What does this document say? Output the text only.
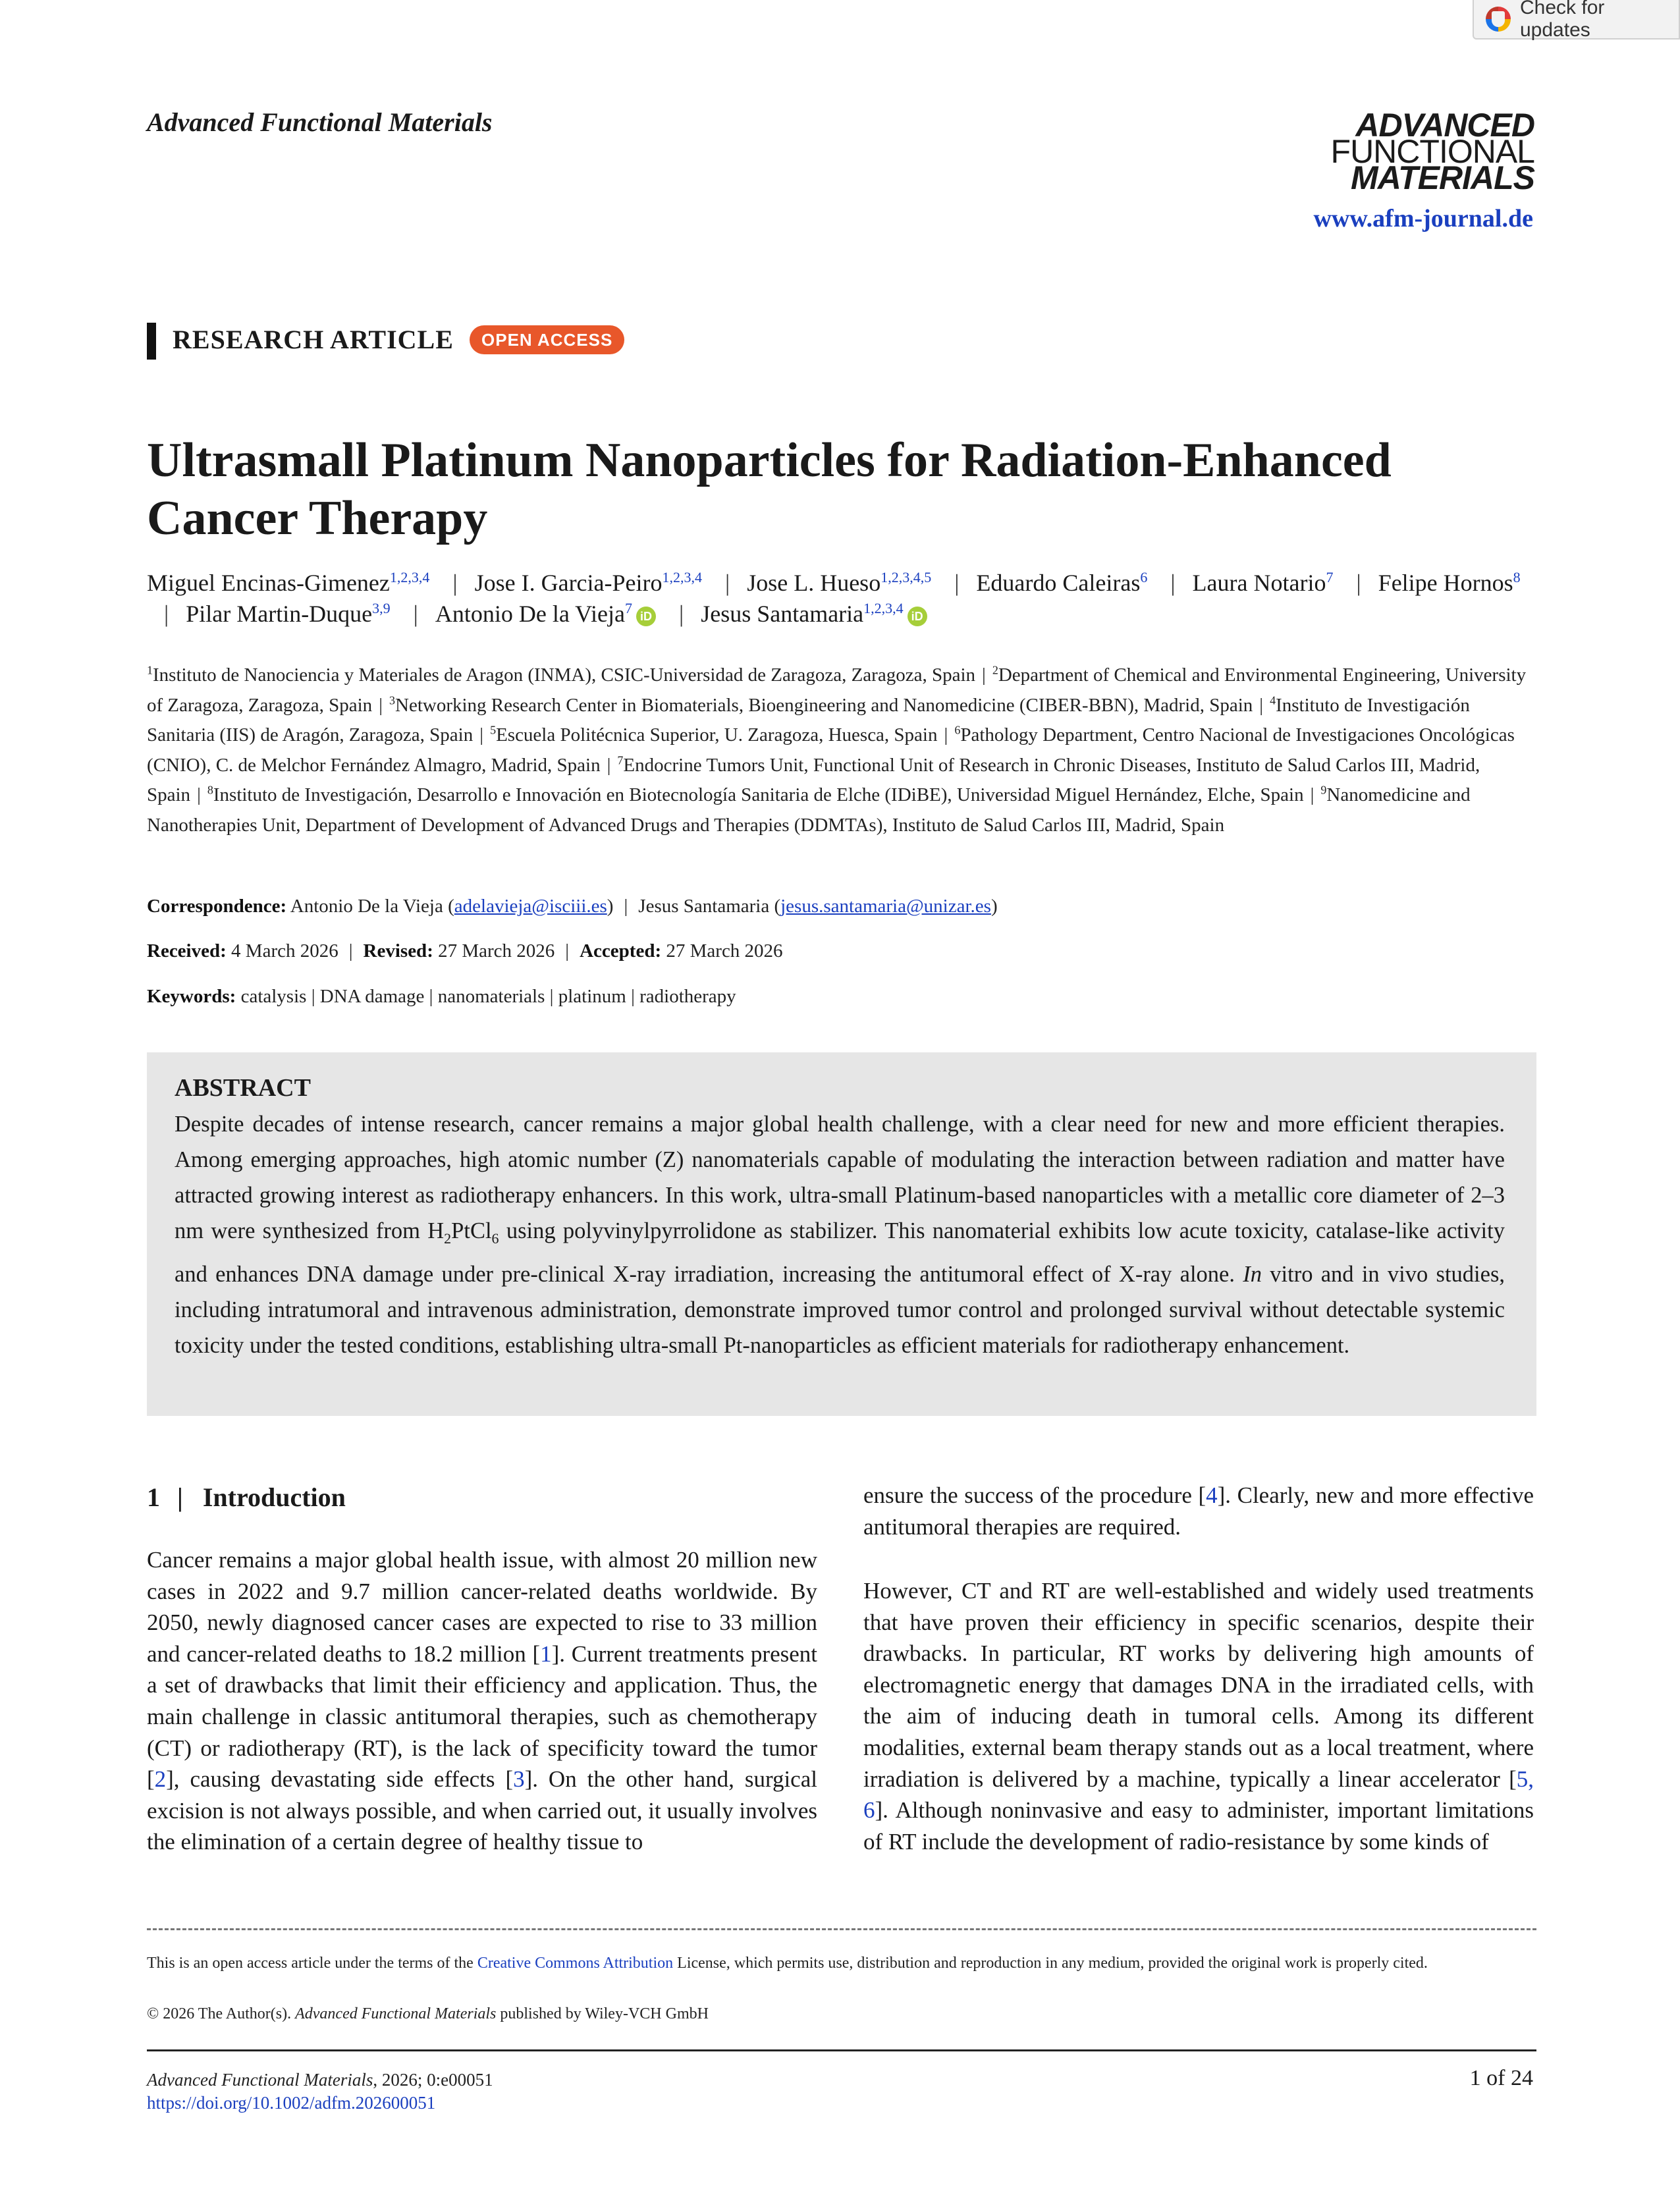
Check for updates
Advanced Functional Materials	ADVANCED
FUNCTIONAL
MATERIALS
www.afm-journal.de
RESEARCH ARTICLE	OPEN ACCESS
Ultrasmall Platinum Nanoparticles for Radiation-Enhanced Cancer Therapy
Miguel Encinas-Gimenez$^{1,2,3,4}$ | Jose I. Garcia-Peiro$^{1,2,3,4}$ | Jose L. Hueso$^{1,2,3,4,5}$ | Eduardo Caleiras$^6$ | Laura Notario$^7$ | Felipe Hornos$^8$ | Pilar Martin-Duque$^{3,9}$ | Antonio De la Vieja$^7$ iD | Jesus Santamaria$^{1,2,3,4}$ iD
$^1$Instituto de Nanociencia y Materiales de Aragon (INMA), CSIC-Universidad de Zaragoza, Zaragoza, Spain | $^2$Department of Chemical and Environmental Engineering, University of Zaragoza, Zaragoza, Spain | $^3$Networking Research Center in Biomaterials, Bioengineering and Nanomedicine (CIBER-BBN), Madrid, Spain | $^4$Instituto de Investigación Sanitaria (IIS) de Aragón, Zaragoza, Spain | $^5$Escuela Politécnica Superior, U. Zaragoza, Huesca, Spain | $^6$Pathology Department, Centro Nacional de Investigaciones Oncológicas (CNIO), C. de Melchor Fernández Almagro, Madrid, Spain | $^7$Endocrine Tumors Unit, Functional Unit of Research in Chronic Diseases, Instituto de Salud Carlos III, Madrid, Spain | $^8$Instituto de Investigación, Desarrollo e Innovación en Biotecnología Sanitaria de Elche (IDiBE), Universidad Miguel Hernández, Elche, Spain | $^9$Nanomedicine and Nanotherapies Unit, Department of Development of Advanced Drugs and Therapies (DDMTAs), Instituto de Salud Carlos III, Madrid, Spain
Correspondence: Antonio De la Vieja (adelavieja@isciii.es) | Jesus Santamaria (jesus.santamaria@unizar.es)
Received: 4 March 2026 | Revised: 27 March 2026 | Accepted: 27 March 2026
Keywords: catalysis | DNA damage | nanomaterials | platinum | radiotherapy
ABSTRACT
Despite decades of intense research, cancer remains a major global health challenge, with a clear need for new and more efficient therapies. Among emerging approaches, high atomic number (Z) nanomaterials capable of modulating the interaction between radiation and matter have attracted growing interest as radiotherapy enhancers. In this work, ultra-small Platinum-based nanoparticles with a metallic core diameter of 2–3 nm were synthesized from $H_2PtCl_6$ using polyvinylpyrrolidone as stabilizer. This nanomaterial exhibits low acute toxicity, catalase-like activity and enhances DNA damage under pre-clinical X-ray irradiation, increasing the antitumoral effect of X-ray alone. In vitro and in vivo studies, including intratumoral and intravenous administration, demonstrate improved tumor control and prolonged survival without detectable systemic toxicity under the tested conditions, establishing ultra-small Pt-nanoparticles as efficient materials for radiotherapy enhancement.
1 | Introduction
Cancer remains a major global health issue, with almost 20 million new cases in 2022 and 9.7 million cancer-related deaths worldwide. By 2050, newly diagnosed cancer cases are expected to rise to 33 million and cancer-related deaths to 18.2 million [1]. Current treatments present a set of drawbacks that limit their efficiency and application. Thus, the main challenge in classic antitumoral therapies, such as chemotherapy (CT) or radiotherapy (RT), is the lack of specificity toward the tumor [2], causing devastating side effects [3]. On the other hand, surgical excision is not always possible, and when carried out, it usually involves the elimination of a certain degree of healthy tissue to
ensure the success of the procedure [4]. Clearly, new and more effective antitumoral therapies are required.
However, CT and RT are well-established and widely used treatments that have proven their efficiency in specific scenarios, despite their drawbacks. In particular, RT works by delivering high amounts of electromagnetic energy that damages DNA in the irradiated cells, with the aim of inducing death in tumoral cells. Among its different modalities, external beam therapy stands out as a local treatment, where irradiation is delivered by a machine, typically a linear accelerator [5, 6]. Although noninvasive and easy to administer, important limitations of RT include the development of radio-resistance by some kinds of
This is an open access article under the terms of the Creative Commons Attribution License, which permits use, distribution and reproduction in any medium, provided the original work is properly cited.
© 2026 The Author(s). Advanced Functional Materials published by Wiley-VCH GmbH
Advanced Functional Materials, 2026; 0:e00051
https://doi.org/10.1002/adfm.202600051
1 of 24
